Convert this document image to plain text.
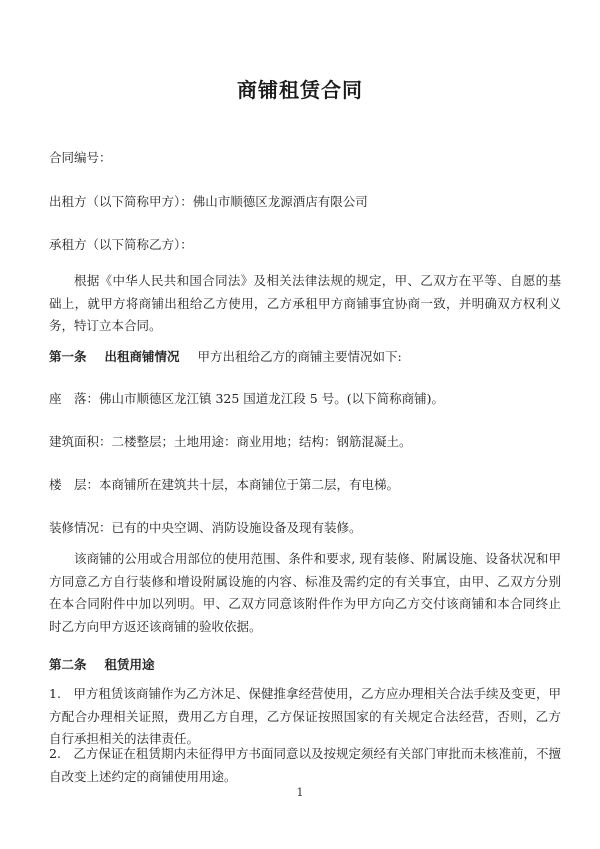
商铺租赁合同
合同编号：
出租方（以下简称甲方）：佛山市顺德区龙源酒店有限公司
承租方（以下简称乙方）：
根据《中华人民共和国合同法》及相关法律法规的规定，甲、乙双方在平等、自愿的基础上，就甲方将商铺出租给乙方使用，乙方承租甲方商铺事宜协商一致，并明确双方权利义务，特订立本合同。
第一条 出租商铺情况 甲方出租给乙方的商铺主要情况如下:
座　落：佛山市顺德区龙江镇 325 国道龙江段 5 号。(以下简称商铺)。
建筑面积：二楼整层；土地用途：商业用地；结构：钢筋混凝土。
楼　层：本商铺所在建筑共十层，本商铺位于第二层，有电梯。
装修情况：已有的中央空调、消防设施设备及现有装修。
该商铺的公用或合用部位的使用范围、条件和要求, 现有装修、附属设施、设备状况和甲方同意乙方自行装修和增设附属设施的内容、标准及需约定的有关事宜，由甲、乙双方分别在本合同附件中加以列明。甲、乙双方同意该附件作为甲方向乙方交付该商铺和本合同终止时乙方向甲方返还该商铺的验收依据。
第二条 租赁用途
1.　甲方租赁该商铺作为乙方沐足、保健推拿经营使用，乙方应办理相关合法手续及变更，甲方配合办理相关证照，费用乙方自理，乙方保证按照国家的有关规定合法经营，否则，乙方自行承担相关的法律责任。
2.　乙方保证在租赁期内未征得甲方书面同意以及按规定须经有关部门审批而未核准前，不擅自改变上述约定的商铺使用用途。
1
